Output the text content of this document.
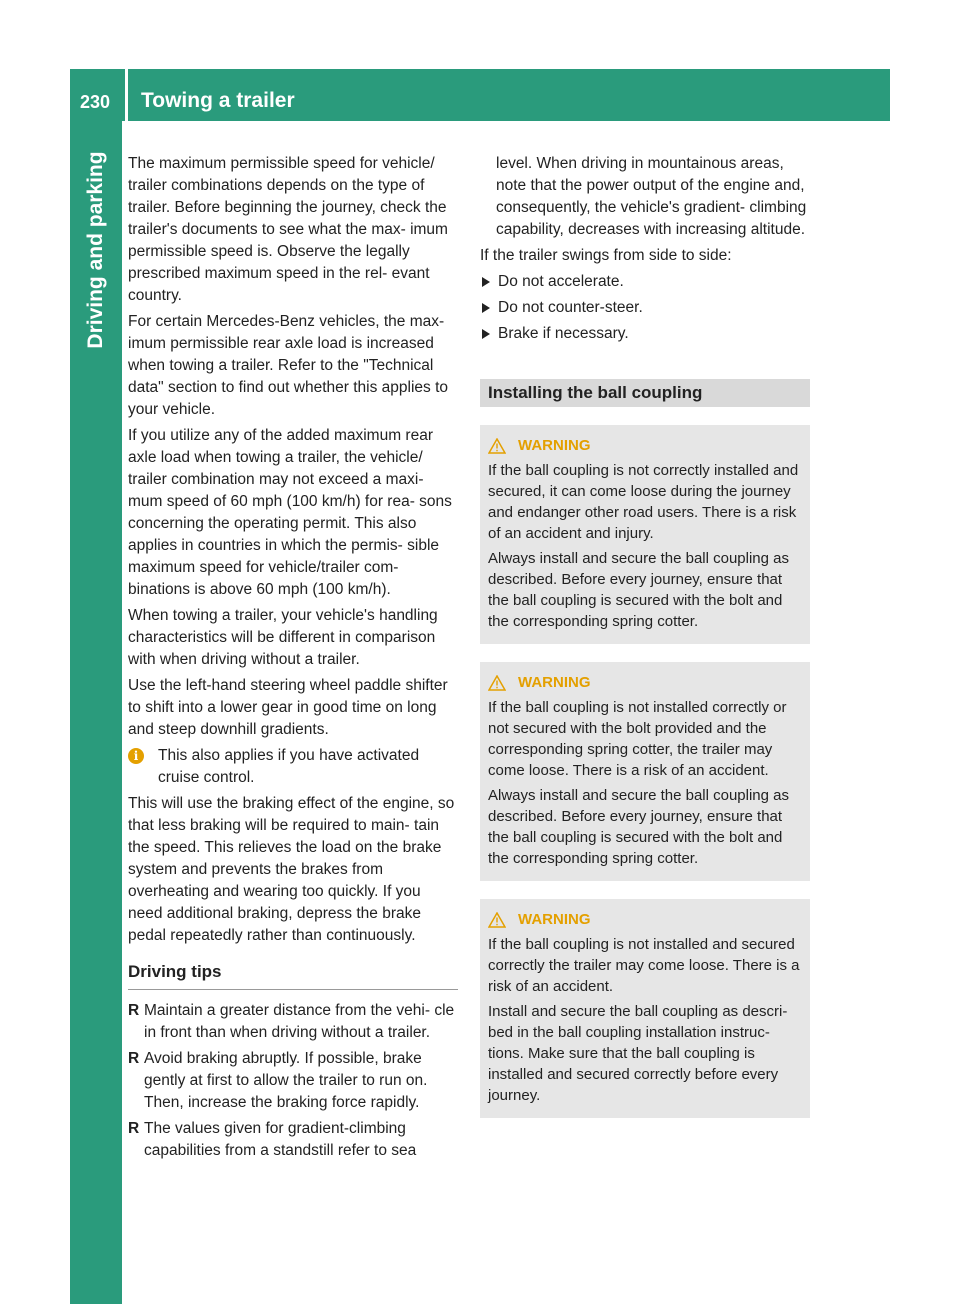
230 Towing a trailer
Driving and parking The maximum permissible speed for vehicle/ trailer combinations depends on the type of trailer. Before beginning the journey, check the trailer's documents to see what the max- imum permissible speed is. Observe the legally prescribed maximum speed in the rel- evant country.

For certain Mercedes-Benz vehicles, the max- imum permissible rear axle load is increased when towing a trailer. Refer to the "Technical data" section to find out whether this applies to your vehicle.

If you utilize any of the added maximum rear axle load when towing a trailer, the vehicle/ trailer combination may not exceed a maxi- mum speed of 60 mph (100 km/h) for rea- sons concerning the operating permit. This also applies in countries in which the permis- sible maximum speed for vehicle/trailer com- binations is above 60 mph (100 km/h).

When towing a trailer, your vehicle's handling characteristics will be different in comparison with when driving without a trailer.

Use the left-hand steering wheel paddle shifter to shift into a lower gear in good time on long and steep downhill gradients.

i	This also applies if you have activated cruise control.

This will use the braking effect of the engine, so that less braking will be required to main- tain the speed. This relieves the load on the brake system and prevents the brakes from overheating and wearing too quickly. If you need additional braking, depress the brake pedal repeatedly rather than continuously.

Driving tips
R Maintain a greater distance from the vehi- cle in front than when driving without a trailer.
R Avoid braking abruptly. If possible, brake gently at first to allow the trailer to run on. Then, increase the braking force rapidly.
R The values given for gradient-climbing capabilities from a standstill refer to sea

level. When driving in mountainous areas, note that the power output of the engine and, consequently, the vehicle's gradient- climbing capability, decreases with increasing altitude.

If the trailer swings from side to side:

Do not accelerate.
Do not counter-steer.
Brake if necessary.
Installing the ball coupling
WARNING

If the ball coupling is not correctly installed and secured, it can come loose during the journey and endanger other road users. There is a risk of an accident and injury.

Always install and secure the ball coupling as described. Before every journey, ensure that the ball coupling is secured with the bolt and the corresponding spring cotter.

WARNING

If the ball coupling is not installed correctly or not secured with the bolt provided and the corresponding spring cotter, the trailer may come loose. There is a risk of an accident.

Always install and secure the ball coupling as described. Before every journey, ensure that the ball coupling is secured with the bolt and the corresponding spring cotter.

WARNING

If the ball coupling is not installed and secured correctly the trailer may come loose. There is a risk of an accident.

Install and secure the ball coupling as descri- bed in the ball coupling installation instruc- tions. Make sure that the ball coupling is installed and secured correctly before every journey.
